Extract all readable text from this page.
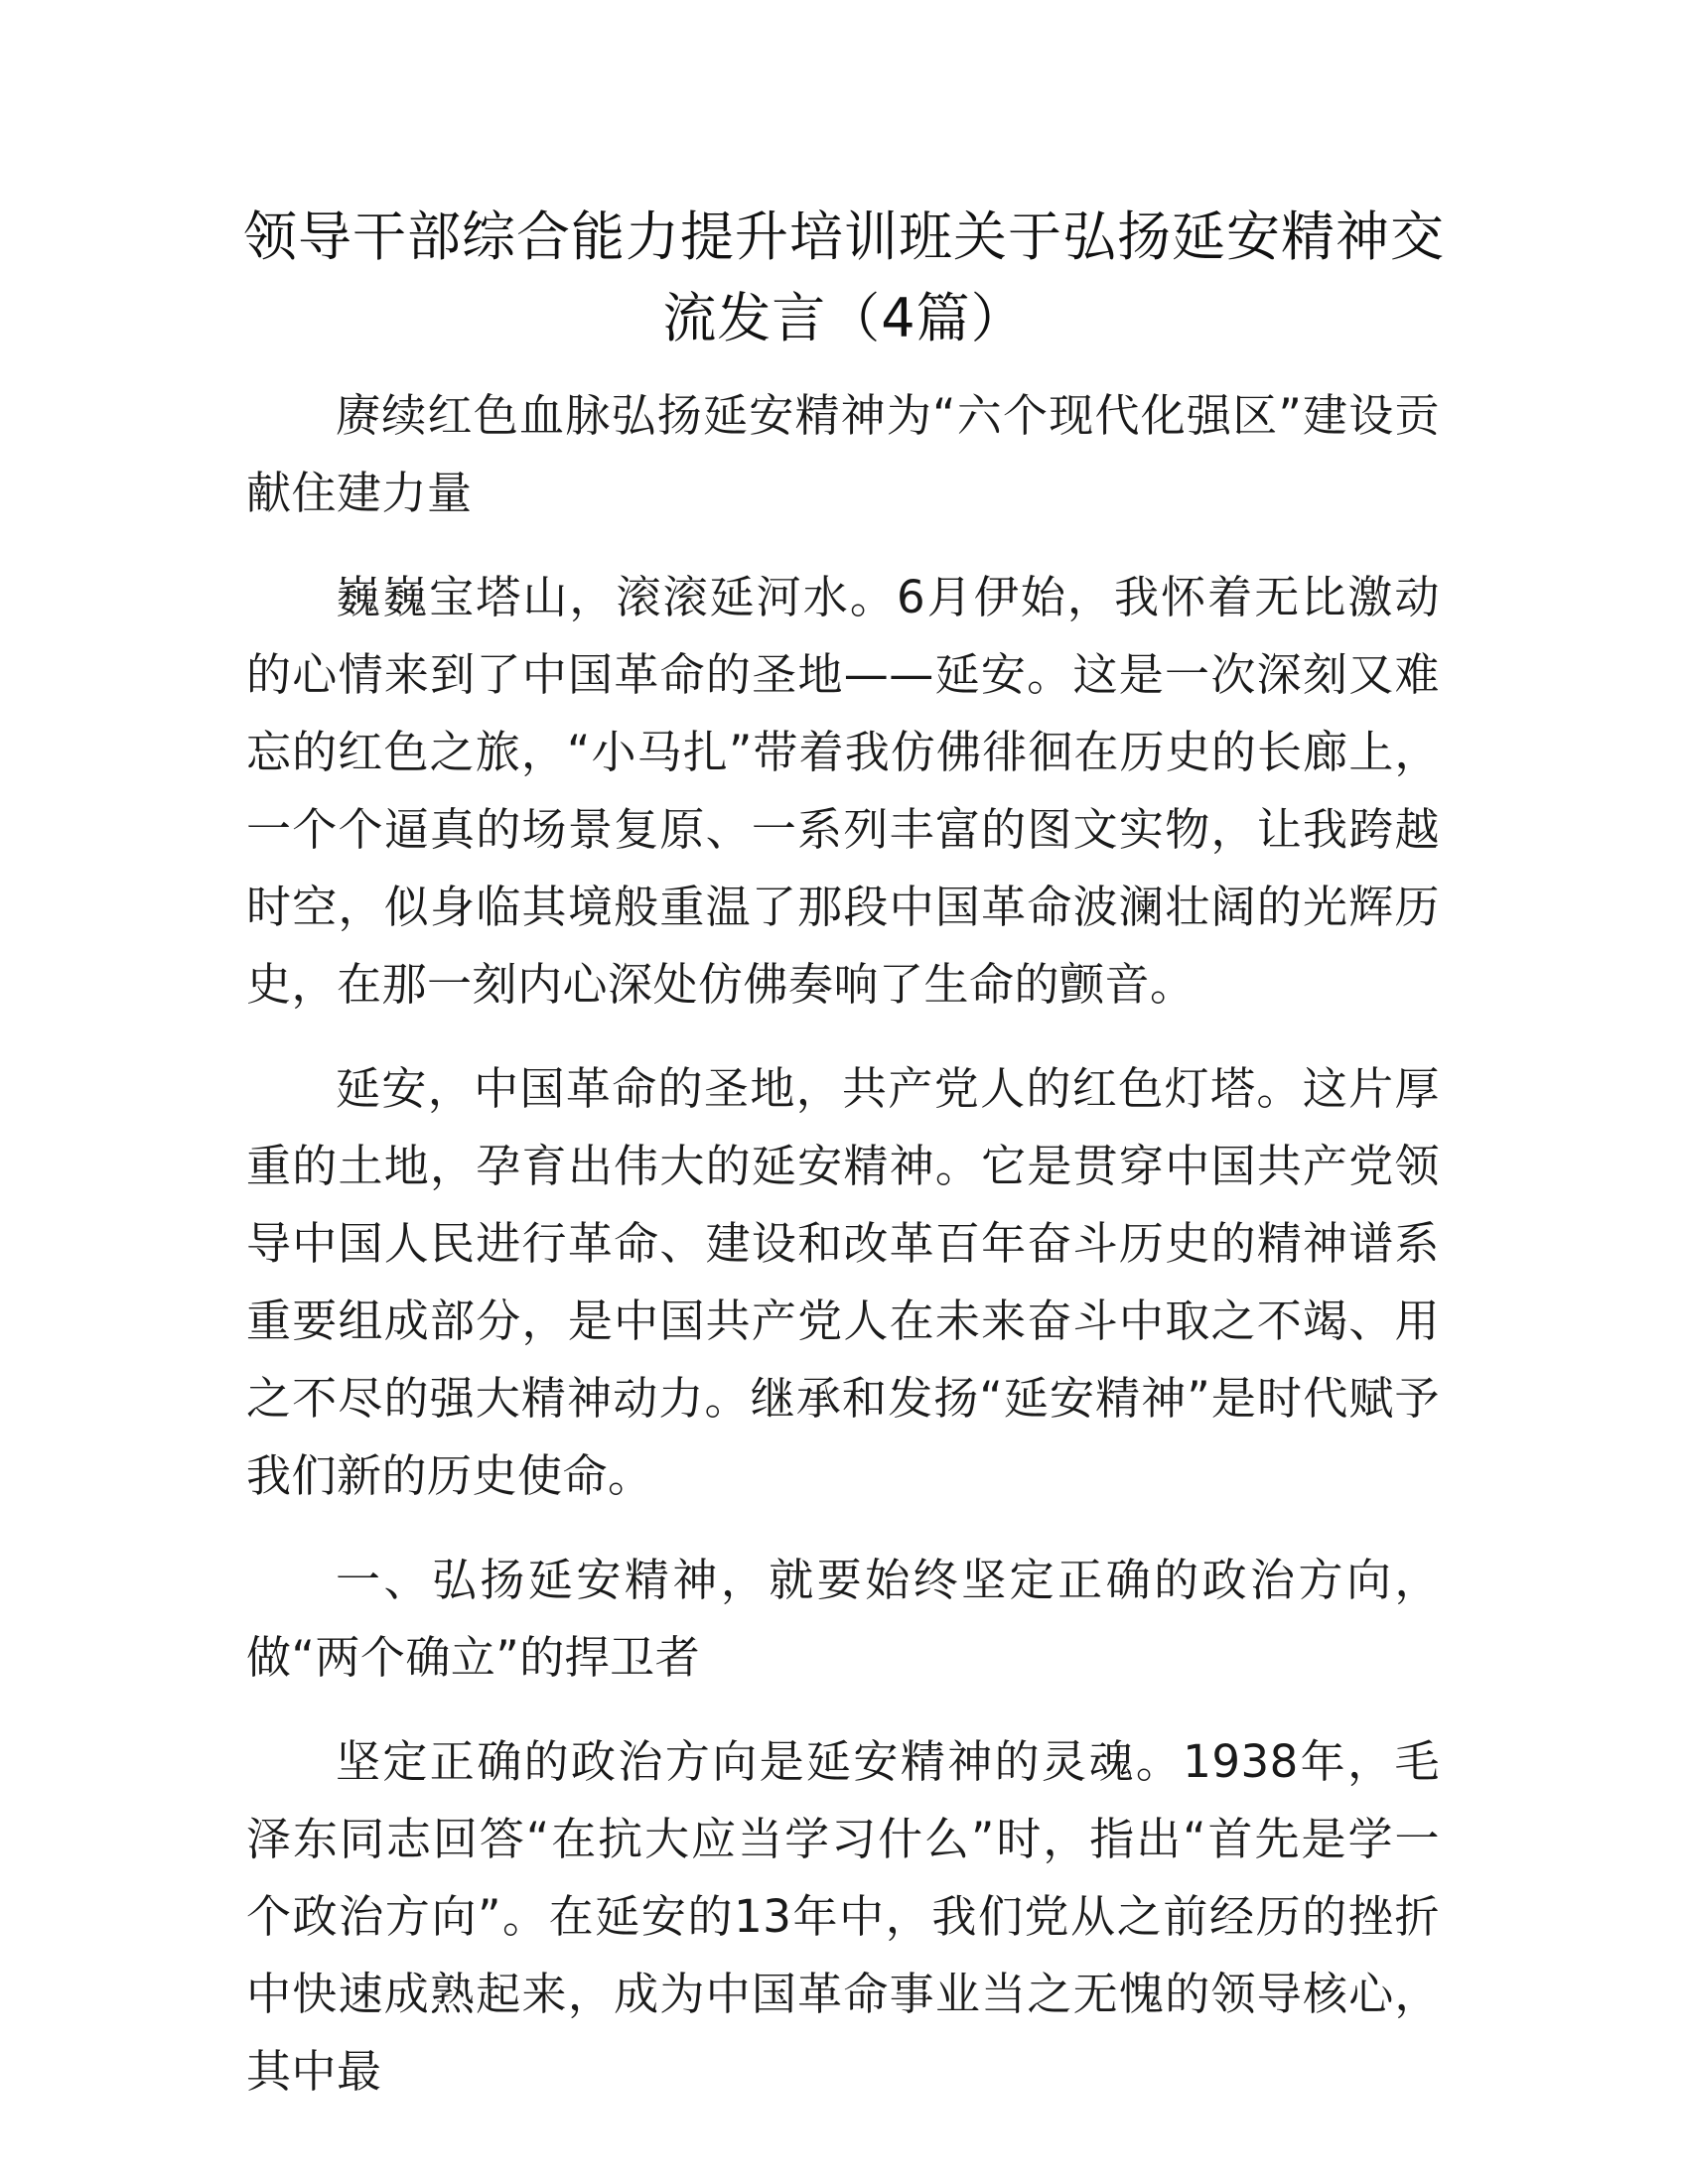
领导干部综合能力提升培训班关于弘扬延安精神交流发言（4篇）

赓续红色血脉弘扬延安精神为“六个现代化强区”建设贡献住建力量

巍巍宝塔山，滚滚延河水。6月伊始，我怀着无比激动的心情来到了中国革命的圣地——延安。这是一次深刻又难忘的红色之旅，“小马扎”带着我仿佛徘徊在历史的长廊上，一个个逼真的场景复原、一系列丰富的图文实物，让我跨越时空，似身临其境般重温了那段中国革命波澜壮阔的光辉历史，在那一刻内心深处仿佛奏响了生命的颤音。

延安，中国革命的圣地，共产党人的红色灯塔。这片厚重的土地，孕育出伟大的延安精神。它是贯穿中国共产党领导中国人民进行革命、建设和改革百年奋斗历史的精神谱系重要组成部分，是中国共产党人在未来奋斗中取之不竭、用之不尽的强大精神动力。继承和发扬“延安精神”是时代赋予我们新的历史使命。

一、弘扬延安精神，就要始终坚定正确的政治方向，做“两个确立”的捍卫者

坚定正确的政治方向是延安精神的灵魂。1938年，毛泽东同志回答“在抗大应当学习什么”时，指出“首先是学一个政治方向”。在延安的13年中，我们党从之前经历的挫折中快速成熟起来，成为中国革命事业当之无愧的领导核心，其中最
